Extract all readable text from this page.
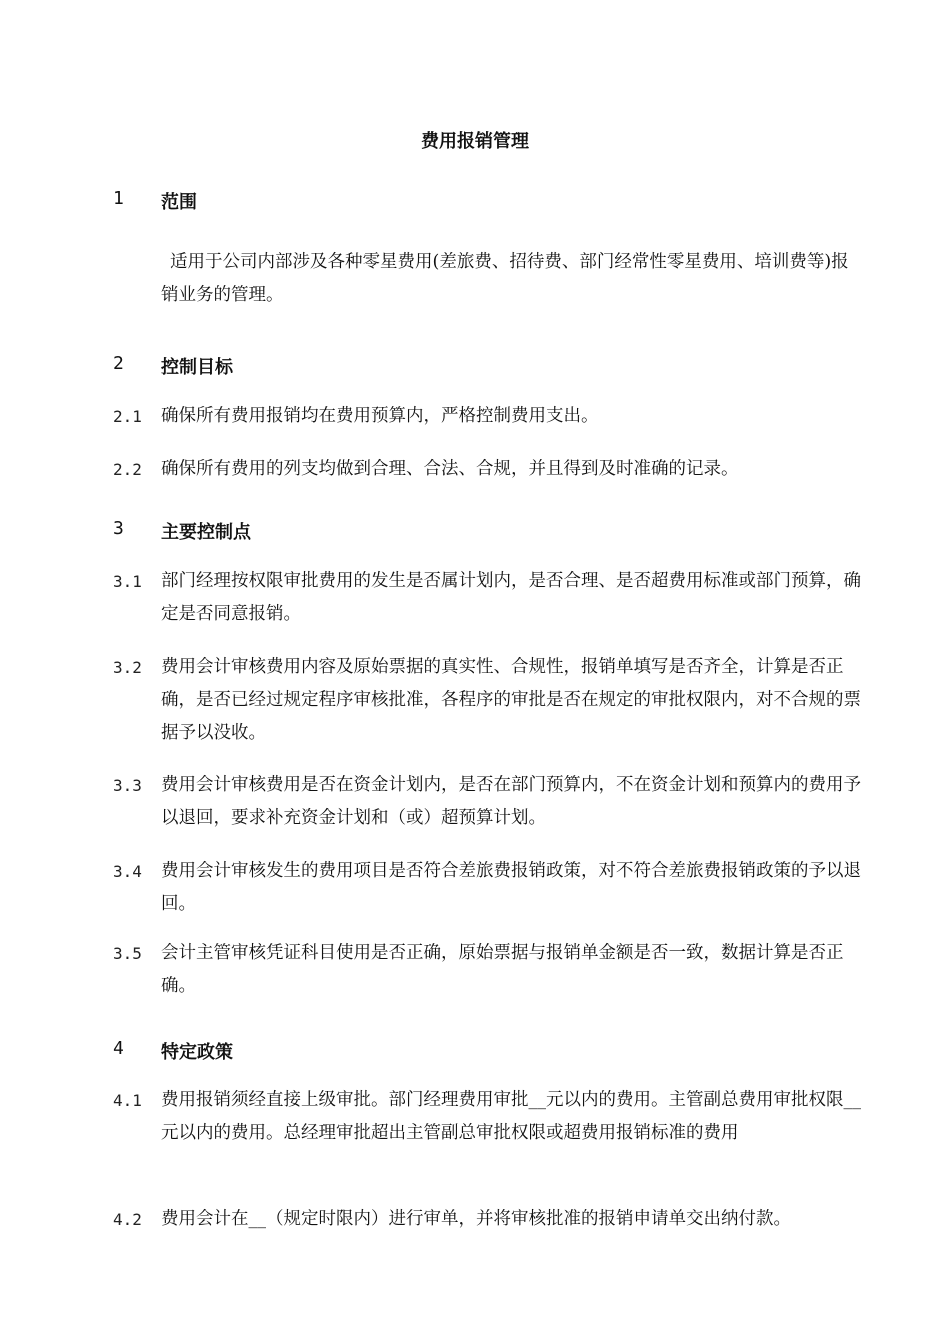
费用报销管理
1 范围
适用于公司内部涉及各种零星费用(差旅费、招待费、部门经常性零星费用、培训费等)报销业务的管理。
2 控制目标
2.1 确保所有费用报销均在费用预算内，严格控制费用支出。
2.2 确保所有费用的列支均做到合理、合法、合规，并且得到及时准确的记录。
3 主要控制点
3.1 部门经理按权限审批费用的发生是否属计划内，是否合理、是否超费用标准或部门预算，确定是否同意报销。
3.2 费用会计审核费用内容及原始票据的真实性、合规性，报销单填写是否齐全，计算是否正确，是否已经过规定程序审核批准，各程序的审批是否在规定的审批权限内，对不合规的票据予以没收。
3.3 费用会计审核费用是否在资金计划内，是否在部门预算内，不在资金计划和预算内的费用予以退回，要求补充资金计划和（或）超预算计划。
3.4 费用会计审核发生的费用项目是否符合差旅费报销政策，对不符合差旅费报销政策的予以退回。
3.5 会计主管审核凭证科目使用是否正确，原始票据与报销单金额是否一致，数据计算是否正确。
4 特定政策
4.1 费用报销须经直接上级审批。部门经理费用审批__元以内的费用。主管副总费用审批权限__元以内的费用。总经理审批超出主管副总审批权限或超费用报销标准的费用
4.2 费用会计在__（规定时限内）进行审单，并将审核批准的报销申请单交出纳付款。
